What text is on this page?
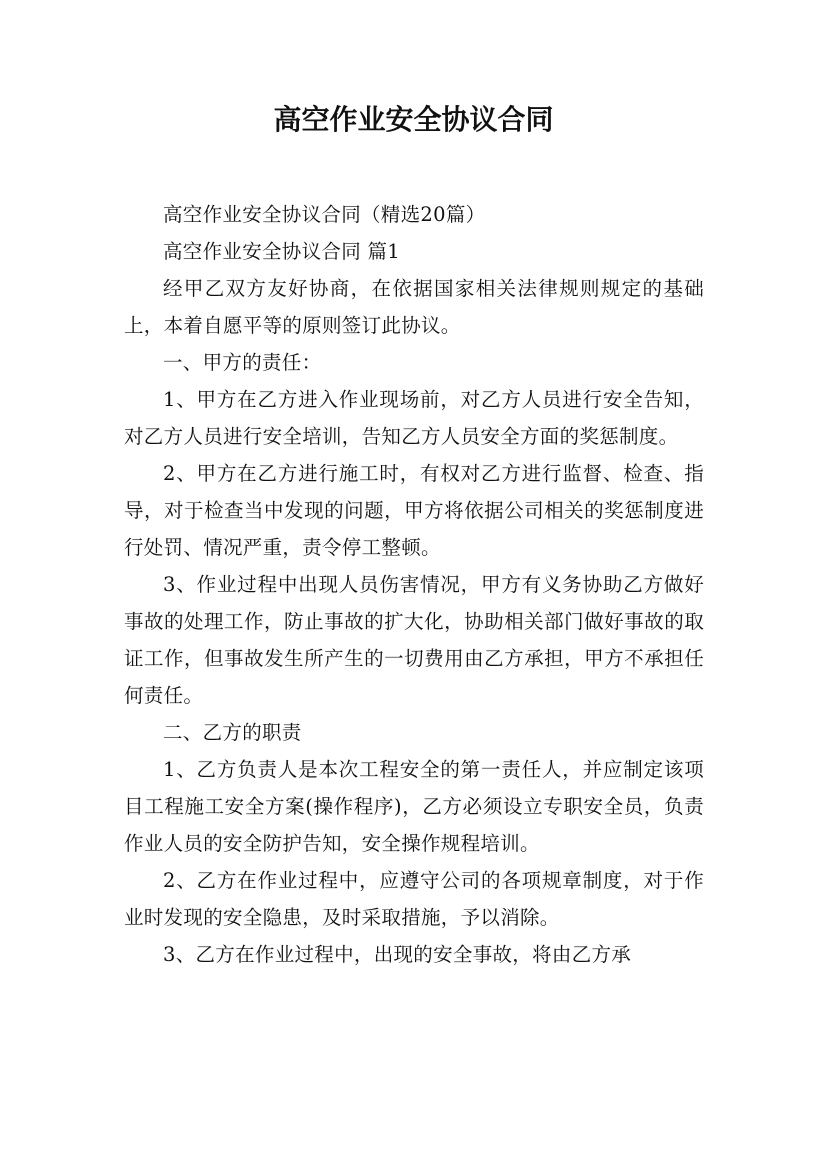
高空作业安全协议合同

高空作业安全协议合同（精选20篇）

高空作业安全协议合同 篇1

经甲乙双方友好协商，在依据国家相关法律规则规定的基础上，本着自愿平等的原则签订此协议。

一、甲方的责任：

1、甲方在乙方进入作业现场前，对乙方人员进行安全告知，对乙方人员进行安全培训，告知乙方人员安全方面的奖惩制度。

2、甲方在乙方进行施工时，有权对乙方进行监督、检查、指导，对于检查当中发现的问题，甲方将依据公司相关的奖惩制度进行处罚、情况严重，责令停工整顿。

3、作业过程中出现人员伤害情况，甲方有义务协助乙方做好事故的处理工作，防止事故的扩大化，协助相关部门做好事故的取证工作，但事故发生所产生的一切费用由乙方承担，甲方不承担任何责任。

二、乙方的职责

1、乙方负责人是本次工程安全的第一责任人，并应制定该项目工程施工安全方案(操作程序)，乙方必须设立专职安全员，负责作业人员的安全防护告知，安全操作规程培训。

2、乙方在作业过程中，应遵守公司的各项规章制度，对于作业时发现的安全隐患，及时采取措施，予以消除。

3、乙方在作业过程中，出现的安全事故，将由乙方承
